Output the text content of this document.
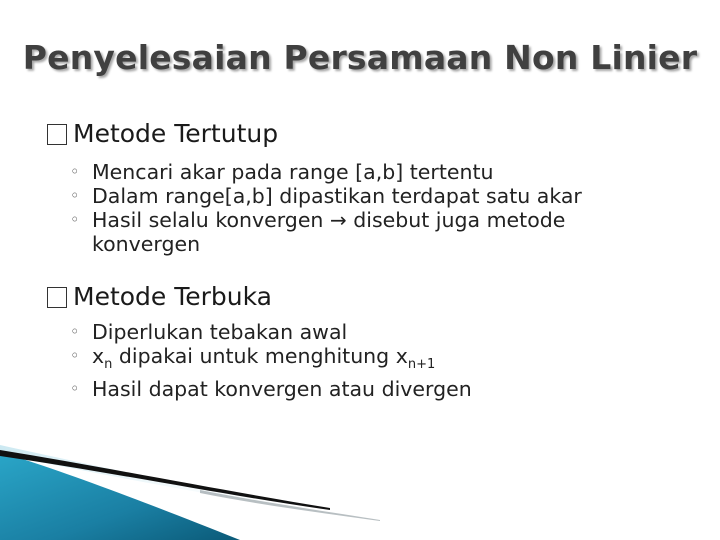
Penyelesaian Persamaan Non Linier
Metode Tertutup
◦ Mencari akar pada range [a,b] tertentu
◦ Dalam range[a,b] dipastikan terdapat satu akar
◦ Hasil selalu konvergen → disebut juga metode konvergen
Metode Terbuka
◦ Diperlukan tebakan awal
◦ $x_n$ dipakai untuk menghitung $x_{n+1}$
◦ Hasil dapat konvergen atau divergen
